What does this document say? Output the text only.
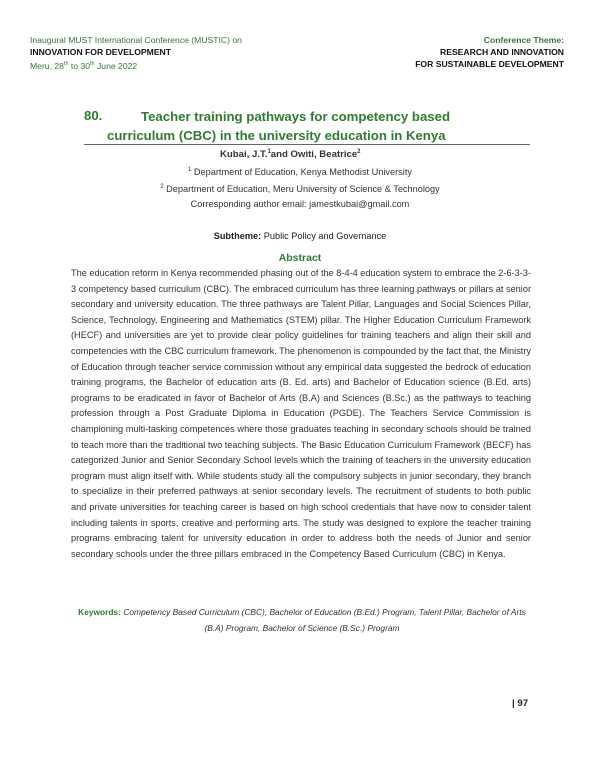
Inaugural MUST International Conference (MUSTIC) on
INNOVATION FOR DEVELOPMENT
Meru, 28th to 30th June 2022
Conference Theme:
RESEARCH AND INNOVATION
FOR SUSTAINABLE DEVELOPMENT
80.	Teacher training pathways for competency based
curriculum (CBC) in the university education in Kenya
Kubai, J.T.$^1$and Owiti, Beatrice$^2$
$^1$ Department of Education, Kenya Methodist University
$^2$ Department of Education, Meru University of Science & Technology
Corresponding author email: jamestkubai@gmail.com
Subtheme: Public Policy and Governance
Abstract
The education reform in Kenya recommended phasing out of the 8-4-4 education system to embrace the 2-6-3-3-3 competency based curriculum (CBC). The embraced curriculum has three learning pathways or pillars at senior secondary and university education. The three pathways are Talent Pillar, Languages and Social Sciences Pillar, Science, Technology, Engineering and Mathematics (STEM) pillar. The Higher Education Curriculum Framework (HECF) and universities are yet to provide clear policy guidelines for training teachers and align their skill and competencies with the CBC curriculum framework. The phenomenon is compounded by the fact that, the Ministry of Education through teacher service commission without any empirical data suggested the bedrock of education training programs, the Bachelor of education arts (B. Ed. arts) and Bachelor of Education science (B.Ed. arts) programs to be eradicated in favor of Bachelor of Arts (B.A) and Sciences (B.Sc.) as the pathways to teaching profession through a Post Graduate Diploma in Education (PGDE). The Teachers Service Commission is championing multi-tasking competences where those graduates teaching in secondary schools should be trained to teach more than the traditional two teaching subjects. The Basic Education Curriculum Framework (BECF) has categorized Junior and Senior Secondary School levels which the training of teachers in the university education program must align itself with. While students study all the compulsory subjects in junior secondary, they branch to specialize in their preferred pathways at senior secondary levels. The recruitment of students to both public and private universities for teaching career is based on high school credentials that have now to consider talent including talents in sports, creative and performing arts. The study was designed to explore the teacher training programs embracing talent for university education in order to address both the needs of Junior and senior secondary schools under the three pillars embraced in the Competency Based Curriculum (CBC) in Kenya.
Keywords: Competency Based Curriculum (CBC), Bachelor of Education (B.Ed.) Program, Talent Pillar, Bachelor of Arts (B.A) Program, Bachelor of Science (B.Sc.) Program
| 97
